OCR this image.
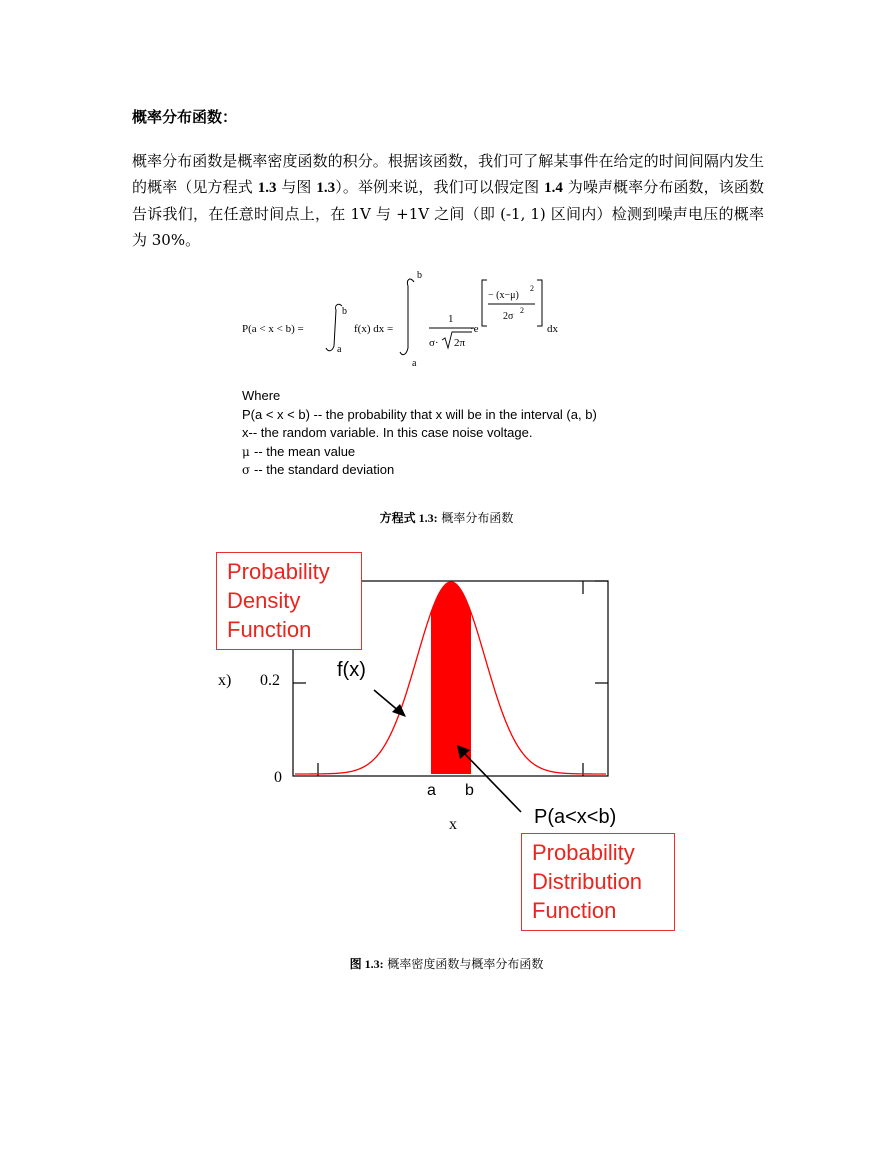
概率分布函数：
概率分布函数是概率密度函数的积分。根据该函数，我们可了解某事件在给定的时间间隔内发生的概率（见方程式 1.3 与图 1.3）。举例来说，我们可以假定图 1.4 为噪声概率分布函数，该函数告诉我们，在任意时间点上，在 1V 与 +1V 之间（即 (-1, 1) 区间内）检测到噪声电压的概率为 30%。
P(a < x < b) =
b
a
f(x) dx =
b
a
1
σ· 2π
·e
− (x−μ)
2
2σ
2
dx
Where
P(a < x < b) -- the probability that x will be in the interval (a, b)
x-- the random variable. In this case noise voltage.
μ -- the mean value
σ -- the standard deviation
方程式 1.3: 概率分布函数
Probability
Density
Function
Probability
Distribution
Function
f(x)
P(a<x<b)
x) 0.2
0
a b
x
图 1.3: 概率密度函数与概率分布函数
